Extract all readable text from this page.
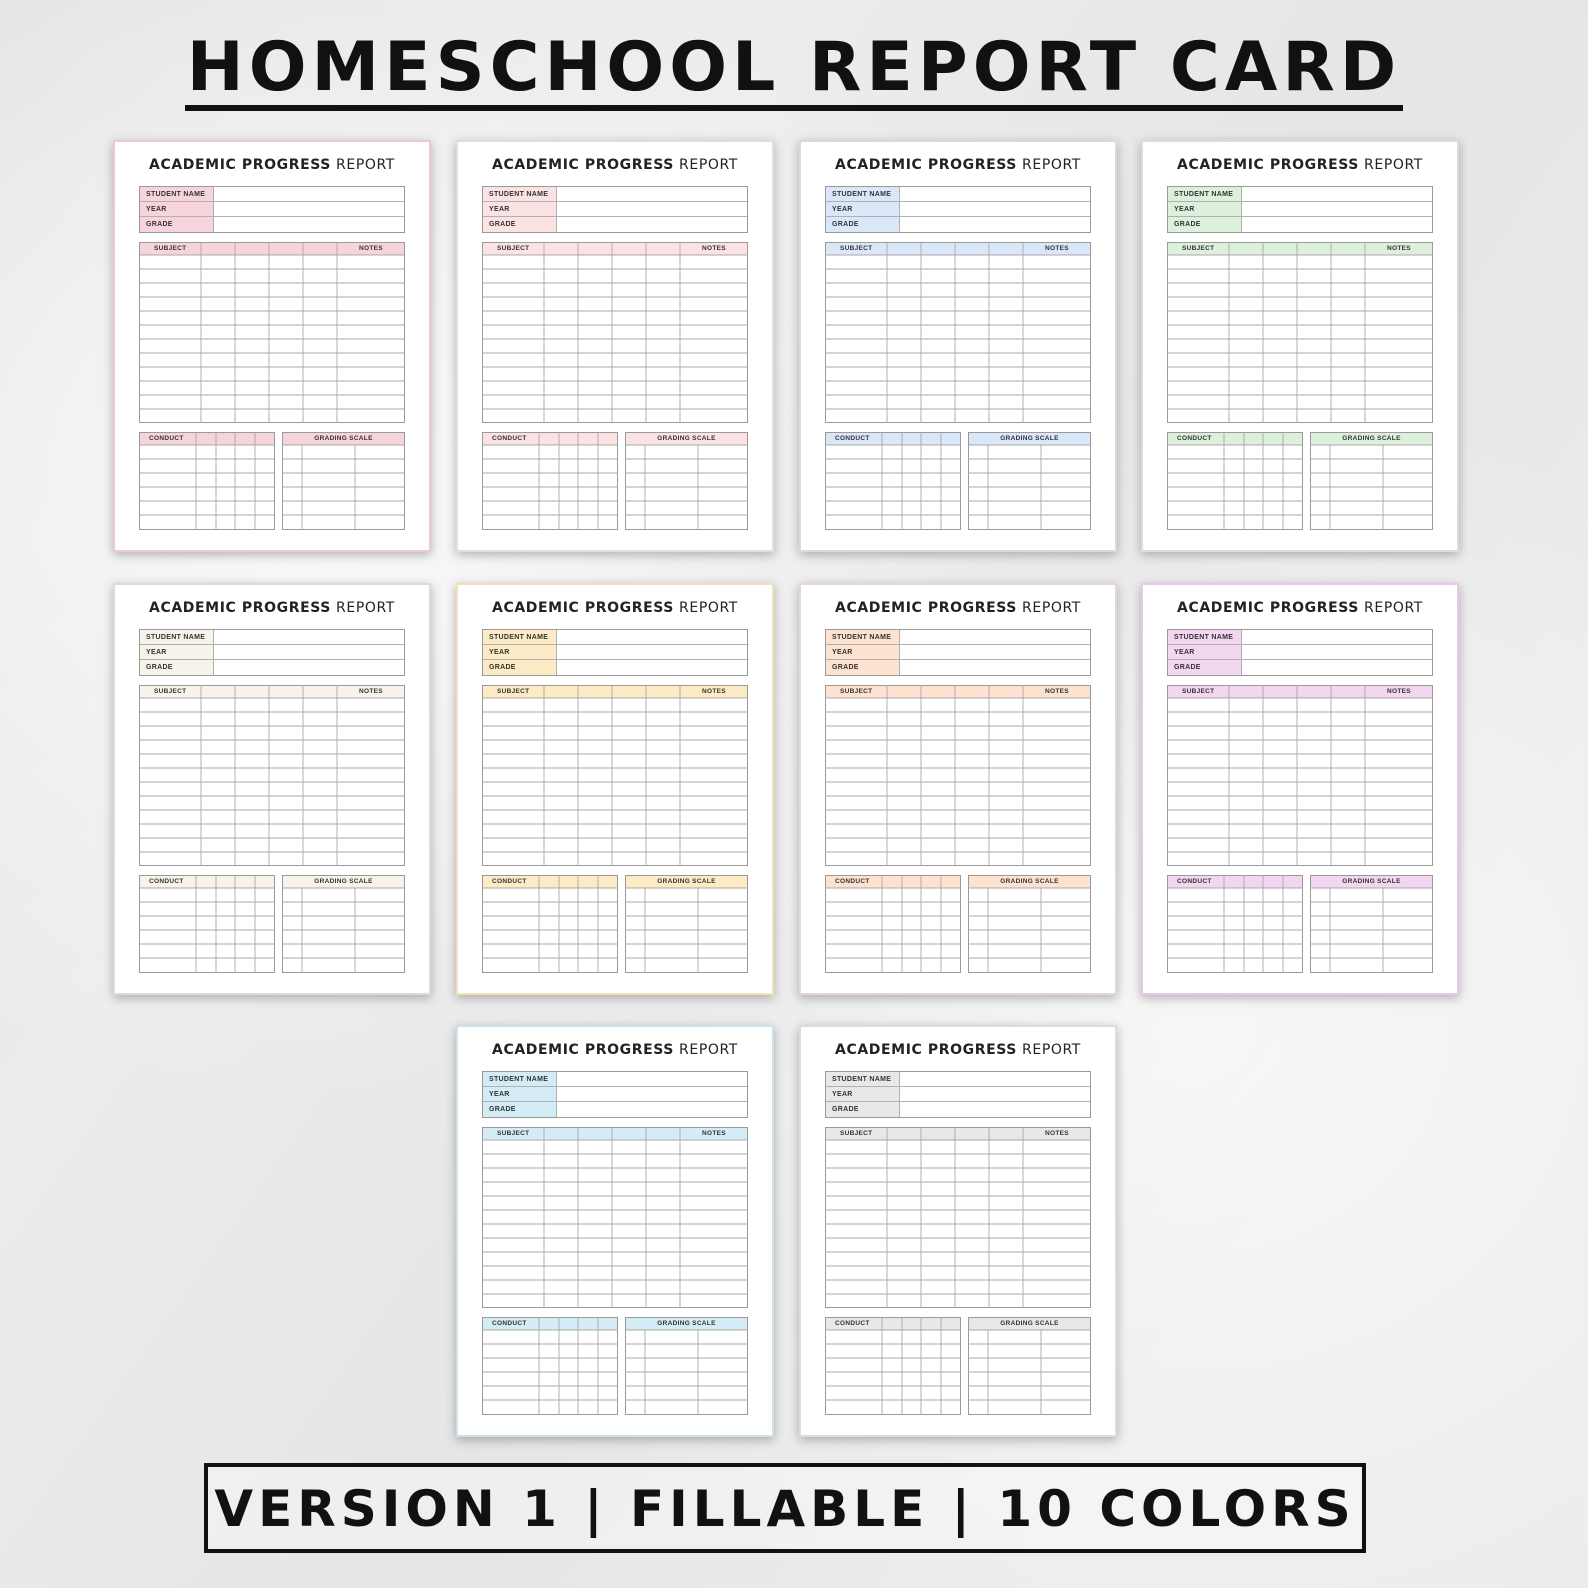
HOMESCHOOL REPORT CARD
ACADEMIC PROGRESS REPORT
STUDENT NAME
YEAR
GRADE
SUBJECT	NOTES
CONDUCT	GRADING SCALE
ACADEMIC PROGRESS REPORT
STUDENT NAME
YEAR
GRADE
SUBJECT	NOTES
CONDUCT	GRADING SCALE
ACADEMIC PROGRESS REPORT
STUDENT NAME
YEAR
GRADE
SUBJECT	NOTES
CONDUCT	GRADING SCALE
ACADEMIC PROGRESS REPORT
STUDENT NAME
YEAR
GRADE
SUBJECT	NOTES
CONDUCT	GRADING SCALE
ACADEMIC PROGRESS REPORT
STUDENT NAME
YEAR
GRADE
SUBJECT	NOTES
CONDUCT	GRADING SCALE
ACADEMIC PROGRESS REPORT
STUDENT NAME
YEAR
GRADE
SUBJECT	NOTES
CONDUCT	GRADING SCALE
ACADEMIC PROGRESS REPORT
STUDENT NAME
YEAR
GRADE
SUBJECT	NOTES
CONDUCT	GRADING SCALE
ACADEMIC PROGRESS REPORT
STUDENT NAME
YEAR
GRADE
SUBJECT	NOTES
CONDUCT	GRADING SCALE
ACADEMIC PROGRESS REPORT
STUDENT NAME
YEAR
GRADE
SUBJECT	NOTES
CONDUCT	GRADING SCALE
ACADEMIC PROGRESS REPORT
STUDENT NAME
YEAR
GRADE
SUBJECT	NOTES
CONDUCT	GRADING SCALE
VERSION 1 | FILLABLE | 10 COLORS
